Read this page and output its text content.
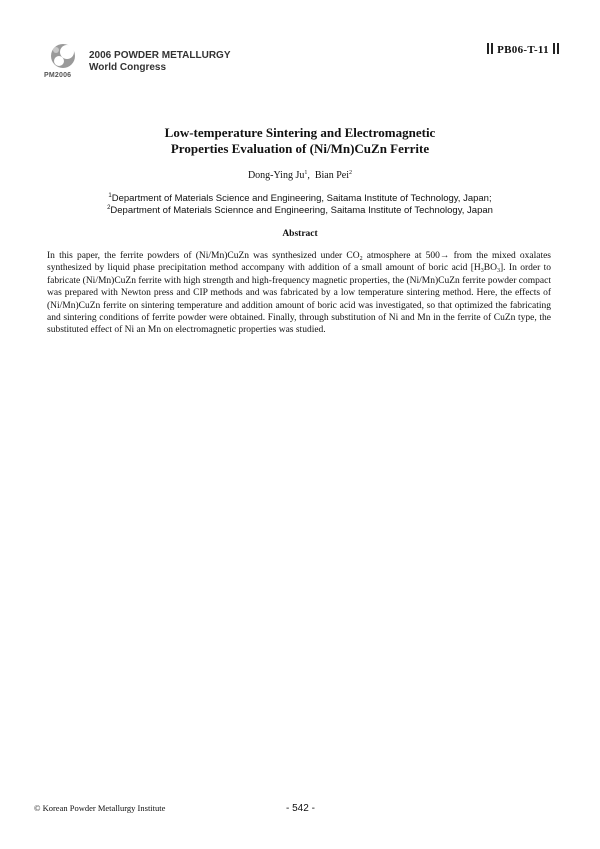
PM2006
2006 POWDER METALLURGY
World Congress
PB06-T-11
Low-temperature Sintering and Electromagnetic
Properties Evaluation of (Ni/Mn)CuZn Ferrite
Dong-Ying Ju$^1$,  Bian Pei$^2$
$^1$Department of Materials Science and Engineering, Saitama Institute of Technology, Japan;
$^2$Department of Materials Sciennce and Engineering, Saitama Institute of Technology, Japan
Abstract
In this paper, the ferrite powders of (Ni/Mn)CuZn was synthesized under $CO_2$ atmosphere at 500→ from the mixed oxalates synthesized by liquid phase precipitation method accompany with addition of a small amount of boric acid $[H_3BO_3]$. In order to fabricate (Ni/Mn)CuZn ferrite with high strength and high-frequency magnetic properties, the (Ni/Mn)CuZn ferrite powder compact was prepared with Newton press and CIP methods and was fabricated by a low temperature sintering method. Here, the effects of (Ni/Mn)CuZn ferrite on sintering temperature and addition amount of boric acid was investigated, so that optimized the fabricating and sintering conditions of ferrite powder were obtained. Finally, through substitution of Ni and Mn in the ferrite of CuZn type, the substituted effect of Ni an Mn on electromagnetic properties was studied.
© Korean Powder Metallurgy Institute	- 542 -
